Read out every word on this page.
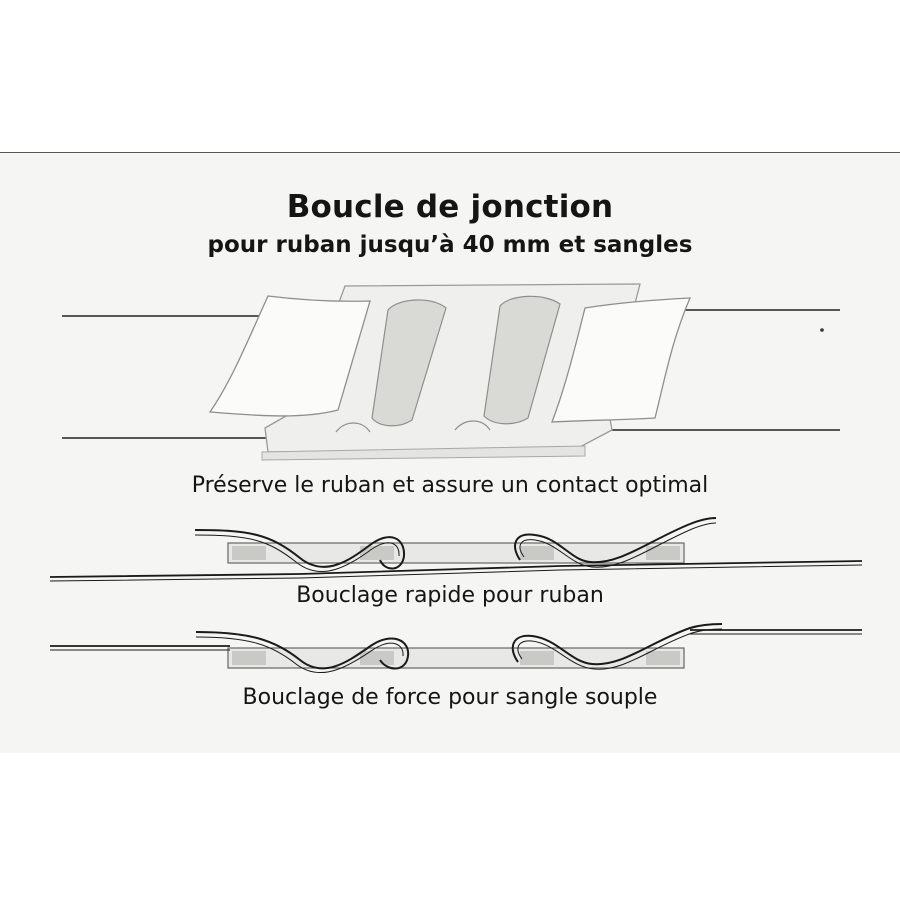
Boucle de jonction
pour ruban jusqu’à 40 mm et sangles
Préserve le ruban et assure un contact optimal
Bouclage rapide pour ruban
Bouclage de force pour sangle souple
